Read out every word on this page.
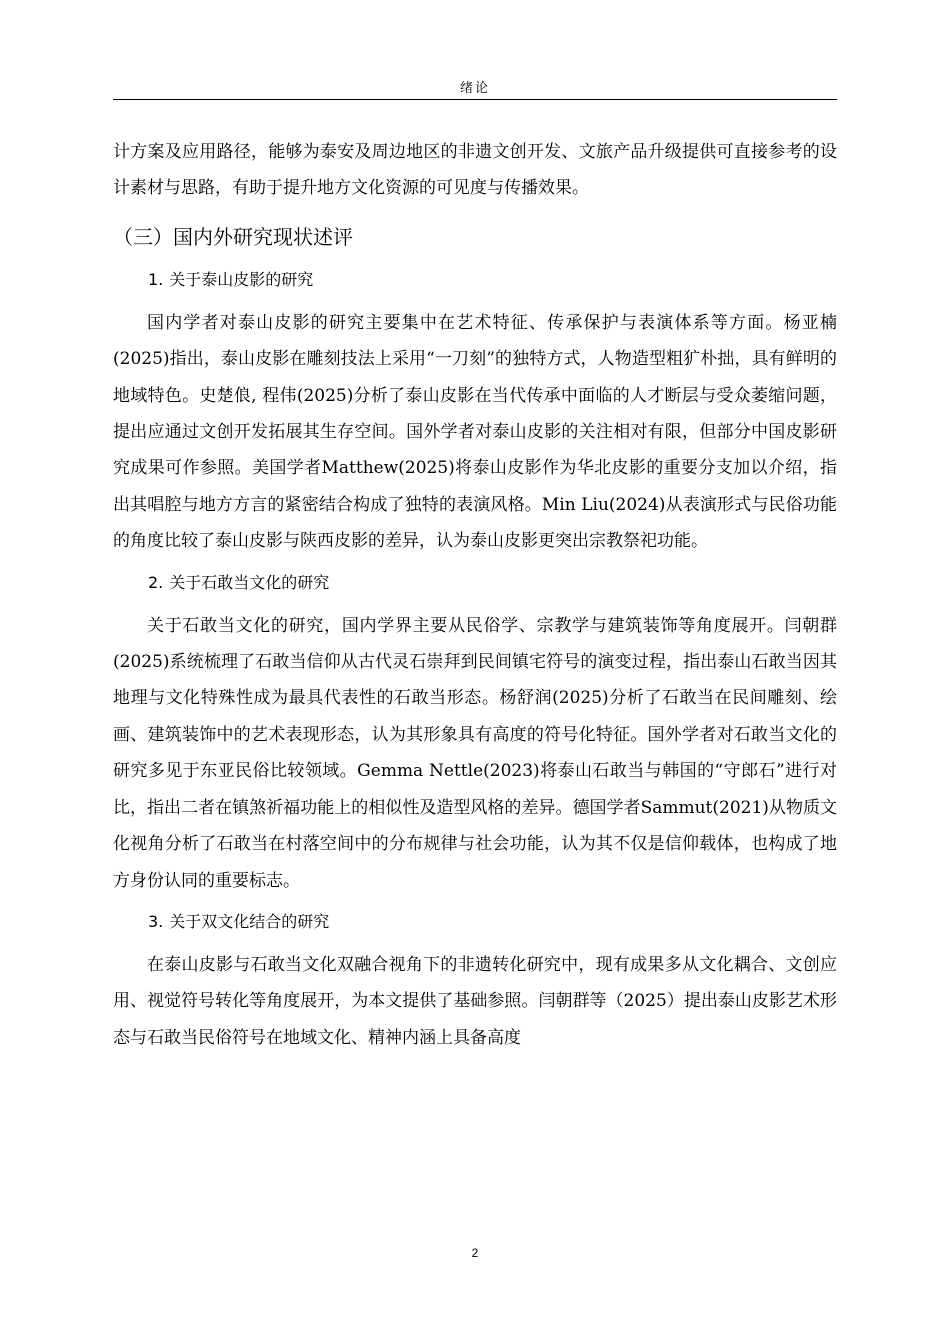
绪论

计方案及应用路径，能够为泰安及周边地区的非遗文创开发、文旅产品升级提供可直接参考的设计素材与思路，有助于提升地方文化资源的可见度与传播效果。

（三）国内外研究现状述评
1. 关于泰山皮影的研究

国内学者对泰山皮影的研究主要集中在艺术特征、传承保护与表演体系等方面。杨亚楠(2025)指出，泰山皮影在雕刻技法上采用“一刀刻”的独特方式，人物造型粗犷朴拙，具有鲜明的地域特色。史楚俍, 程伟(2025)分析了泰山皮影在当代传承中面临的人才断层与受众萎缩问题，提出应通过文创开发拓展其生存空间。国外学者对泰山皮影的关注相对有限，但部分中国皮影研究成果可作参照。美国学者Matthew(2025)将泰山皮影作为华北皮影的重要分支加以介绍，指出其唱腔与地方方言的紧密结合构成了独特的表演风格。Min Liu(2024)从表演形式与民俗功能的角度比较了泰山皮影与陕西皮影的差异，认为泰山皮影更突出宗教祭祀功能。

2. 关于石敢当文化的研究

关于石敢当文化的研究，国内学界主要从民俗学、宗教学与建筑装饰等角度展开。闫朝群(2025)系统梳理了石敢当信仰从古代灵石崇拜到民间镇宅符号的演变过程，指出泰山石敢当因其地理与文化特殊性成为最具代表性的石敢当形态。杨舒润(2025)分析了石敢当在民间雕刻、绘画、建筑装饰中的艺术表现形态，认为其形象具有高度的符号化特征。国外学者对石敢当文化的研究多见于东亚民俗比较领域。Gemma Nettle(2023)将泰山石敢当与韩国的“守郎石”进行对比，指出二者在镇煞祈福功能上的相似性及造型风格的差异。德国学者Sammut(2021)从物质文化视角分析了石敢当在村落空间中的分布规律与社会功能，认为其不仅是信仰载体，也构成了地方身份认同的重要标志。

3. 关于双文化结合的研究

在泰山皮影与石敢当文化双融合视角下的非遗转化研究中，现有成果多从文化耦合、文创应用、视觉符号转化等角度展开，为本文提供了基础参照。闫朝群等（2025）提出泰山皮影艺术形态与石敢当民俗符号在地域文化、精神内涵上具备高度

2
